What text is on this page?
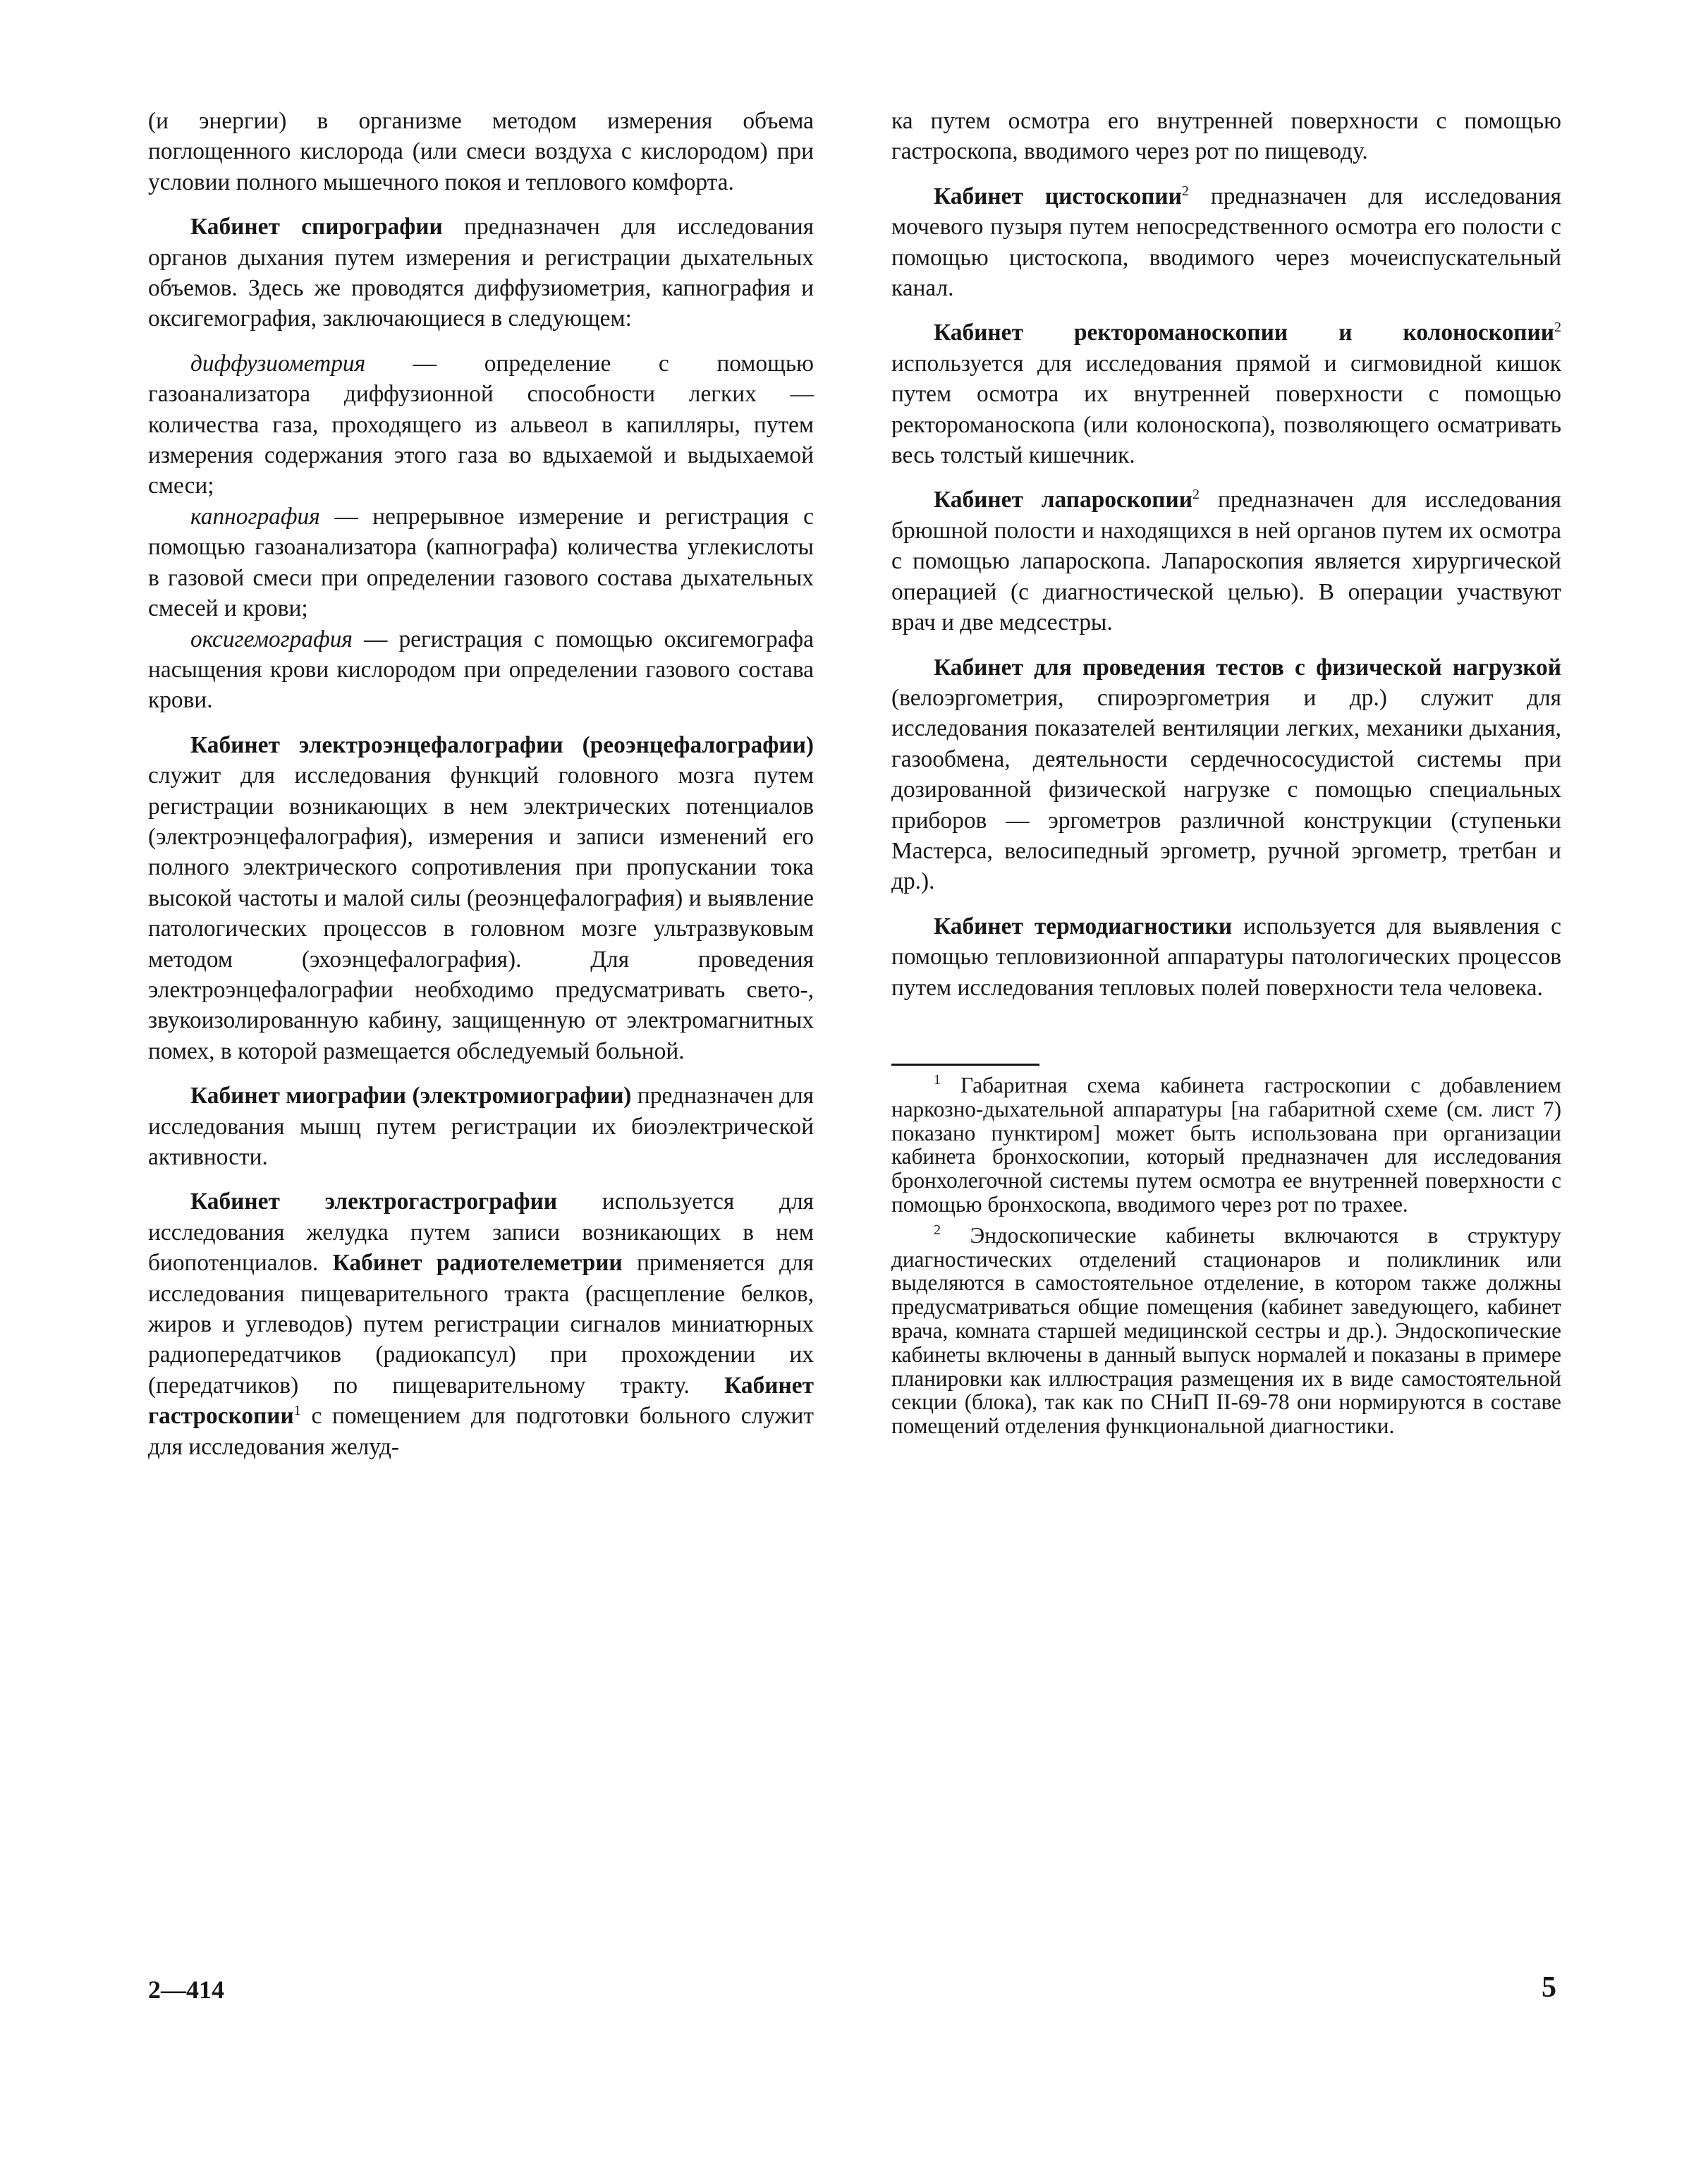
(и энергии) в организме методом измерения объема поглощенного кислорода (или смеси воздуха с кислородом) при условии полного мышечного покоя и теплового комфорта.

Кабинет спирографии предназначен для исследования органов дыхания путем измерения и регистрации дыхательных объемов. Здесь же проводятся диффузиометрия, капнография и оксигемография, заключающиеся в следующем:

диффузиометрия — определение с помощью газоанализатора диффузионной способности легких — количества газа, проходящего из альвеол в капилляры, путем измерения содержания этого газа во вдыхаемой и выдыхаемой смеси;

капнография — непрерывное измерение и регистрация с помощью газоанализатора (капнографа) количества углекислоты в газовой смеси при определении газового состава дыхательных смесей и крови;

оксигемография — регистрация с помощью оксигемографа насыщения крови кислородом при определении газового состава крови.

Кабинет электроэнцефалографии (реоэнцефалографии) служит для исследования функций головного мозга путем регистрации возникающих в нем электрических потенциалов (электроэнцефалография), измерения и записи изменений его полного электрического сопротивления при пропускании тока высокой частоты и малой силы (реоэнцефалография) и выявление патологических процессов в головном мозге ультразвуковым методом (эхоэнцефалография). Для проведения электроэнцефалографии необходимо предусматривать свето-, звукоизолированную кабину, защищенную от электромагнитных помех, в которой размещается обследуемый больной.

Кабинет миографии (электромиографии) предназначен для исследования мышц путем регистрации их биоэлектрической активности.

Кабинет электрогастрографии используется для исследования желудка путем записи возникающих в нем биопотенциалов. Кабинет радиотелеметрии применяется для исследования пищеварительного тракта (расщепление белков, жиров и углеводов) путем регистрации сигналов миниатюрных радиопередатчиков (радиокапсул) при прохождении их (передатчиков) по пищеварительному тракту. Кабинет гастроскопии$^1$ с помещением для подготовки больного служит для исследования желуд-

ка путем осмотра его внутренней поверхности с помощью гастроскопа, вводимого через рот по пищеводу.

Кабинет цистоскопии$^2$ предназначен для исследования мочевого пузыря путем непосредственного осмотра его полости с помощью цистоскопа, вводимого через мочеиспускательный канал.

Кабинет ректороманоскопии и колоноскопии$^2$ используется для исследования прямой и сигмовидной кишок путем осмотра их внутренней поверхности с помощью ректороманоскопа (или колоноскопа), позволяющего осматривать весь толстый кишечник.

Кабинет лапароскопии$^2$ предназначен для исследования брюшной полости и находящихся в ней органов путем их осмотра с помощью лапароскопа. Лапароскопия является хирургической операцией (с диагностической целью). В операции участвуют врач и две медсестры.

Кабинет для проведения тестов с физической нагрузкой (велоэргометрия, спироэргометрия и др.) служит для исследования показателей вентиляции легких, механики дыхания, газообмена, деятельности сердечнососудистой системы при дозированной физической нагрузке с помощью специальных приборов — эргометров различной конструкции (ступеньки Мастерса, велосипедный эргометр, ручной эргометр, третбан и др.).

Кабинет термодиагностики используется для выявления с помощью тепловизионной аппаратуры патологических процессов путем исследования тепловых полей поверхности тела человека.

$^1$ Габаритная схема кабинета гастроскопии с добавлением наркозно-дыхательной аппаратуры [на габаритной схеме (см. лист 7) показано пунктиром] может быть использована при организации кабинета бронхоскопии, который предназначен для исследования бронхолегочной системы путем осмотра ее внутренней поверхности с помощью бронхоскопа, вводимого через рот по трахее.

$^2$ Эндоскопические кабинеты включаются в структуру диагностических отделений стационаров и поликлиник или выделяются в самостоятельное отделение, в котором также должны предусматриваться общие помещения (кабинет заведующего, кабинет врача, комната старшей медицинской сестры и др.). Эндоскопические кабинеты включены в данный выпуск нормалей и показаны в примере планировки как иллюстрация размещения их в виде самостоятельной секции (блока), так как по СНиП II-69-78 они нормируются в составе помещений отделения функциональной диагностики.

2—414	5
